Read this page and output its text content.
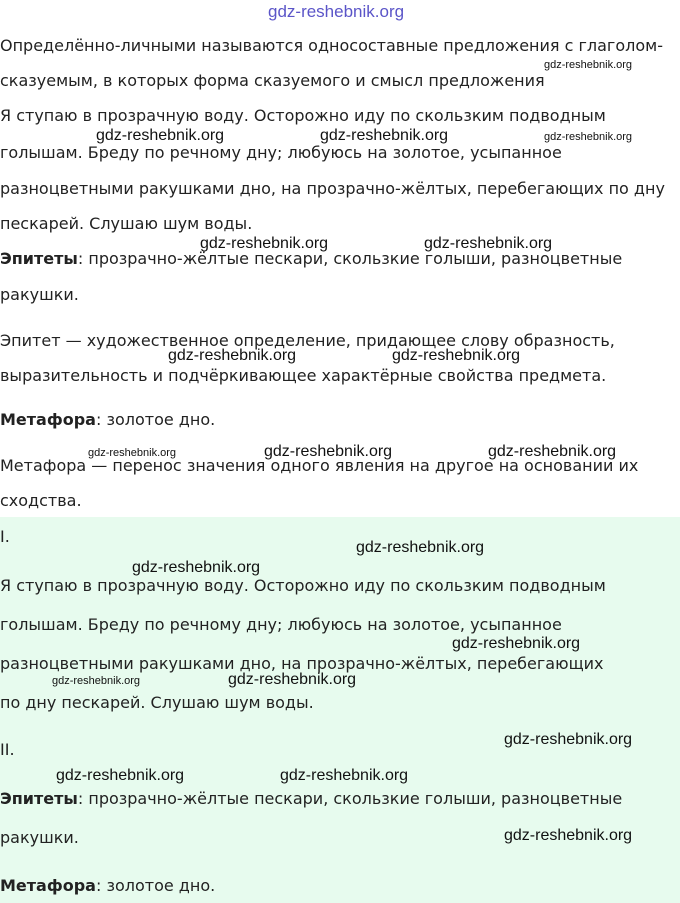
Определённо-личными называются односоставные предложения с глаголом-
сказуемым, в которых форма сказуемого и смысл предложения
Я ступаю в прозрачную воду. Осторожно иду по скользким подводным
голышам. Бреду по речному дну; любуюсь на золотое, усыпанное
разноцветными ракушками дно, на прозрачно-жёлтых, перебегающих по дну
пескарей. Слушаю шум воды.
Эпитеты: прозрачно-жёлтые пескари, скользкие голыши, разноцветные
ракушки.
Эпитет — художественное определение, придающее слову образность,
выразительность и подчёркивающее характёрные свойства предмета.
Метафора: золотое дно.
Метафора — перенос значения одного явления на другое на основании их
сходства.
I.
Я ступаю в прозрачную воду. Осторожно иду по скользким подводным
голышам. Бреду по речному дну; любуюсь на золотое, усыпанное
разноцветными ракушками дно, на прозрачно-жёлтых, перебегающих
по дну пескарей. Слушаю шум воды.
II.
Эпитеты: прозрачно-жёлтые пескари, скользкие голыши, разноцветные
ракушки.
Метафора: золотое дно.
gdz-reshebnik.org
gdz-reshebnik.org
gdz-reshebnik.org	gdz-reshebnik.org	gdz-reshebnik.org
gdz-reshebnik.org	gdz-reshebnik.org
gdz-reshebnik.org	gdz-reshebnik.org
gdz-reshebnik.org	gdz-reshebnik.org	gdz-reshebnik.org
gdz-reshebnik.org
gdz-reshebnik.org
gdz-reshebnik.org
gdz-reshebnik.org	gdz-reshebnik.org
gdz-reshebnik.org
gdz-reshebnik.org	gdz-reshebnik.org
gdz-reshebnik.org
